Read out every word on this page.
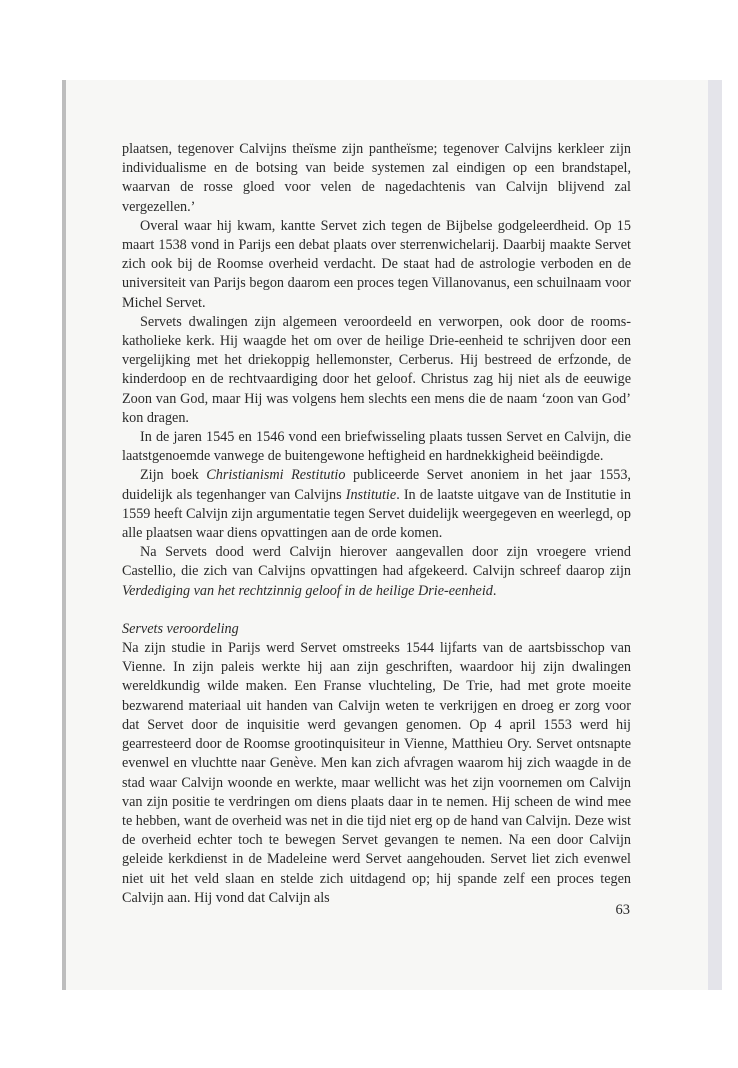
plaatsen, tegenover Calvijns theïsme zijn pantheïsme; tegenover Calvijns kerkleer zijn individualisme en de botsing van beide systemen zal eindigen op een brandstapel, waarvan de rosse gloed voor velen de nagedachtenis van Calvijn blijvend zal vergezellen.’

Overal waar hij kwam, kantte Servet zich tegen de Bijbelse godgeleerdheid. Op 15 maart 1538 vond in Parijs een debat plaats over sterrenwichelarij. Daarbij maakte Servet zich ook bij de Roomse overheid verdacht. De staat had de astrologie verboden en de universiteit van Parijs begon daarom een proces tegen Villanovanus, een schuilnaam voor Michel Servet.

Servets dwalingen zijn algemeen veroordeeld en verworpen, ook door de rooms-katholieke kerk. Hij waagde het om over de heilige Drie-eenheid te schrijven door een vergelijking met het driekoppig hellemonster, Cerberus. Hij bestreed de erfzonde, de kinderdoop en de rechtvaardiging door het geloof. Christus zag hij niet als de eeuwige Zoon van God, maar Hij was volgens hem slechts een mens die de naam ‘zoon van God’ kon dragen.

In de jaren 1545 en 1546 vond een briefwisseling plaats tussen Servet en Calvijn, die laatstgenoemde vanwege de buitengewone heftigheid en hardnekkigheid beëindigde.

Zijn boek Christianismi Restitutio publiceerde Servet anoniem in het jaar 1553, duidelijk als tegenhanger van Calvijns Institutie. In de laatste uitgave van de Institutie in 1559 heeft Calvijn zijn argumentatie tegen Servet duidelijk weergegeven en weerlegd, op alle plaatsen waar diens opvattingen aan de orde komen.

Na Servets dood werd Calvijn hierover aangevallen door zijn vroegere vriend Castellio, die zich van Calvijns opvattingen had afgekeerd. Calvijn schreef daarop zijn Verdediging van het rechtzinnig geloof in de heilige Drie-eenheid.

Servets veroordeling

Na zijn studie in Parijs werd Servet omstreeks 1544 lijfarts van de aartsbisschop van Vienne. In zijn paleis werkte hij aan zijn geschriften, waardoor hij zijn dwalingen wereldkundig wilde maken. Een Franse vluchteling, De Trie, had met grote moeite bezwarend materiaal uit handen van Calvijn weten te verkrijgen en droeg er zorg voor dat Servet door de inquisitie werd gevangen genomen. Op 4 april 1553 werd hij gearresteerd door de Roomse grootinquisiteur in Vienne, Matthieu Ory. Servet ontsnapte evenwel en vluchtte naar Genève. Men kan zich afvragen waarom hij zich waagde in de stad waar Calvijn woonde en werkte, maar wellicht was het zijn voornemen om Calvijn van zijn positie te verdringen om diens plaats daar in te nemen. Hij scheen de wind mee te hebben, want de overheid was net in die tijd niet erg op de hand van Calvijn. Deze wist de overheid echter toch te bewegen Servet gevangen te nemen. Na een door Calvijn geleide kerkdienst in de Madeleine werd Servet aangehouden. Servet liet zich evenwel niet uit het veld slaan en stelde zich uitdagend op; hij spande zelf een proces tegen Calvijn aan. Hij vond dat Calvijn als

63
